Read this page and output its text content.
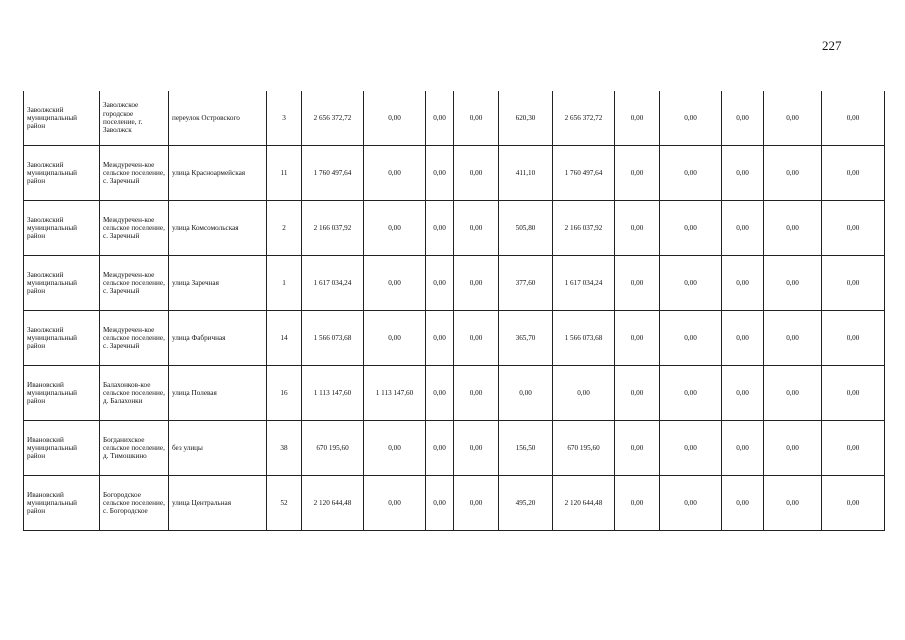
227
Заволжский муниципальный район	Заволжское городское поселение, г. Заволжск	переулок Островского	3	2 656 372,72	0,00	0,00	0,00	620,30	2 656 372,72	0,00	0,00	0,00	0,00	0,00
Заволжский муниципальный район	Междуречен-кое сельское поселение, с. Заречный	улица Красноармейская	11	1 760 497,64	0,00	0,00	0,00	411,10	1 760 497,64	0,00	0,00	0,00	0,00	0,00
Заволжский муниципальный район	Междуречен-кое сельское поселение, с. Заречный	улица Комсомольская	2	2 166 037,92	0,00	0,00	0,00	505,80	2 166 037,92	0,00	0,00	0,00	0,00	0,00
Заволжский муниципальный район	Междуречен-кое сельское поселение, с. Заречный	улица Заречная	1	1 617 034,24	0,00	0,00	0,00	377,60	1 617 034,24	0,00	0,00	0,00	0,00	0,00
Заволжский муниципальный район	Междуречен-кое сельское поселение, с. Заречный	улица Фабричная	14	1 566 073,68	0,00	0,00	0,00	365,70	1 566 073,68	0,00	0,00	0,00	0,00	0,00
Ивановский муниципальный район	Балахонков-кое сельское поселение, д. Балахонки	улица Полевая	16	1 113 147,60	1 113 147,60	0,00	0,00	0,00	0,00	0,00	0,00	0,00	0,00	0,00
Ивановский муниципальный район	Богданихское сельское поселение, д. Тимошкино	без улицы	38	670 195,60	0,00	0,00	0,00	156,50	670 195,60	0,00	0,00	0,00	0,00	0,00
Ивановский муниципальный район	Богородское сельское поселение, с. Богородское	улица Центральная	52	2 120 644,48	0,00	0,00	0,00	495,20	2 120 644,48	0,00	0,00	0,00	0,00	0,00
